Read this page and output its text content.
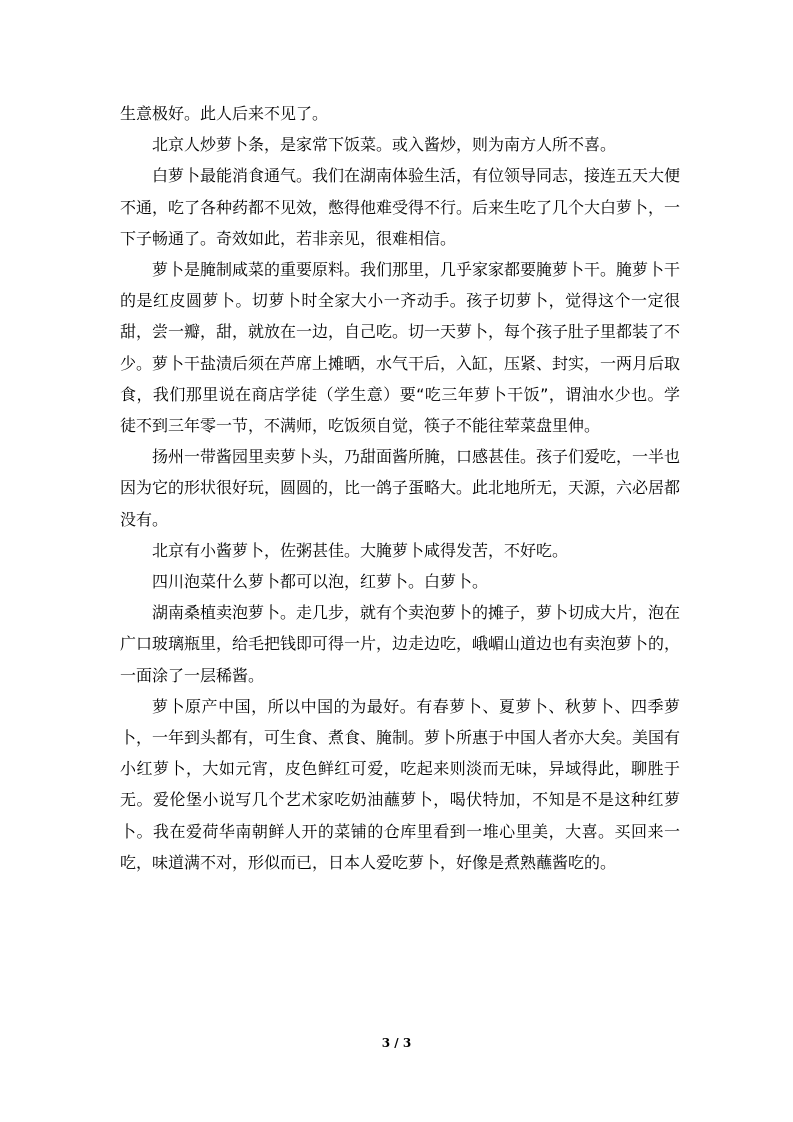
生意极好。此人后来不见了。

北京人炒萝卜条，是家常下饭菜。或入酱炒，则为南方人所不喜。

白萝卜最能消食通气。我们在湖南体验生活，有位领导同志，接连五天大便不通，吃了各种药都不见效，憋得他难受得不行。后来生吃了几个大白萝卜，一下子畅通了。奇效如此，若非亲见，很难相信。

萝卜是腌制咸菜的重要原料。我们那里，几乎家家都要腌萝卜干。腌萝卜干的是红皮圆萝卜。切萝卜时全家大小一齐动手。孩子切萝卜，觉得这个一定很甜，尝一瓣，甜，就放在一边，自己吃。切一天萝卜，每个孩子肚子里都装了不少。萝卜干盐渍后须在芦席上摊晒，水气干后，入缸，压紧、封实，一两月后取食，我们那里说在商店学徒（学生意）要“吃三年萝卜干饭”，谓油水少也。学徒不到三年零一节，不满师，吃饭须自觉，筷子不能往荤菜盘里伸。

扬州一带酱园里卖萝卜头，乃甜面酱所腌，口感甚佳。孩子们爱吃，一半也因为它的形状很好玩，圆圆的，比一鸽子蛋略大。此北地所无，天源，六必居都没有。

北京有小酱萝卜，佐粥甚佳。大腌萝卜咸得发苦，不好吃。

四川泡菜什么萝卜都可以泡，红萝卜。白萝卜。

湖南桑植卖泡萝卜。走几步，就有个卖泡萝卜的摊子，萝卜切成大片，泡在广口玻璃瓶里，给毛把钱即可得一片，边走边吃，峨嵋山道边也有卖泡萝卜的，一面涂了一层稀酱。

萝卜原产中国，所以中国的为最好。有春萝卜、夏萝卜、秋萝卜、四季萝卜，一年到头都有，可生食、煮食、腌制。萝卜所惠于中国人者亦大矣。美国有小红萝卜，大如元宵，皮色鲜红可爱，吃起来则淡而无味，异域得此，聊胜于无。爱伦堡小说写几个艺术家吃奶油蘸萝卜，喝伏特加，不知是不是这种红萝卜。我在爱荷华南朝鲜人开的菜铺的仓库里看到一堆心里美，大喜。买回来一吃，味道满不对，形似而已，日本人爱吃萝卜，好像是煮熟蘸酱吃的。

3 / 3
